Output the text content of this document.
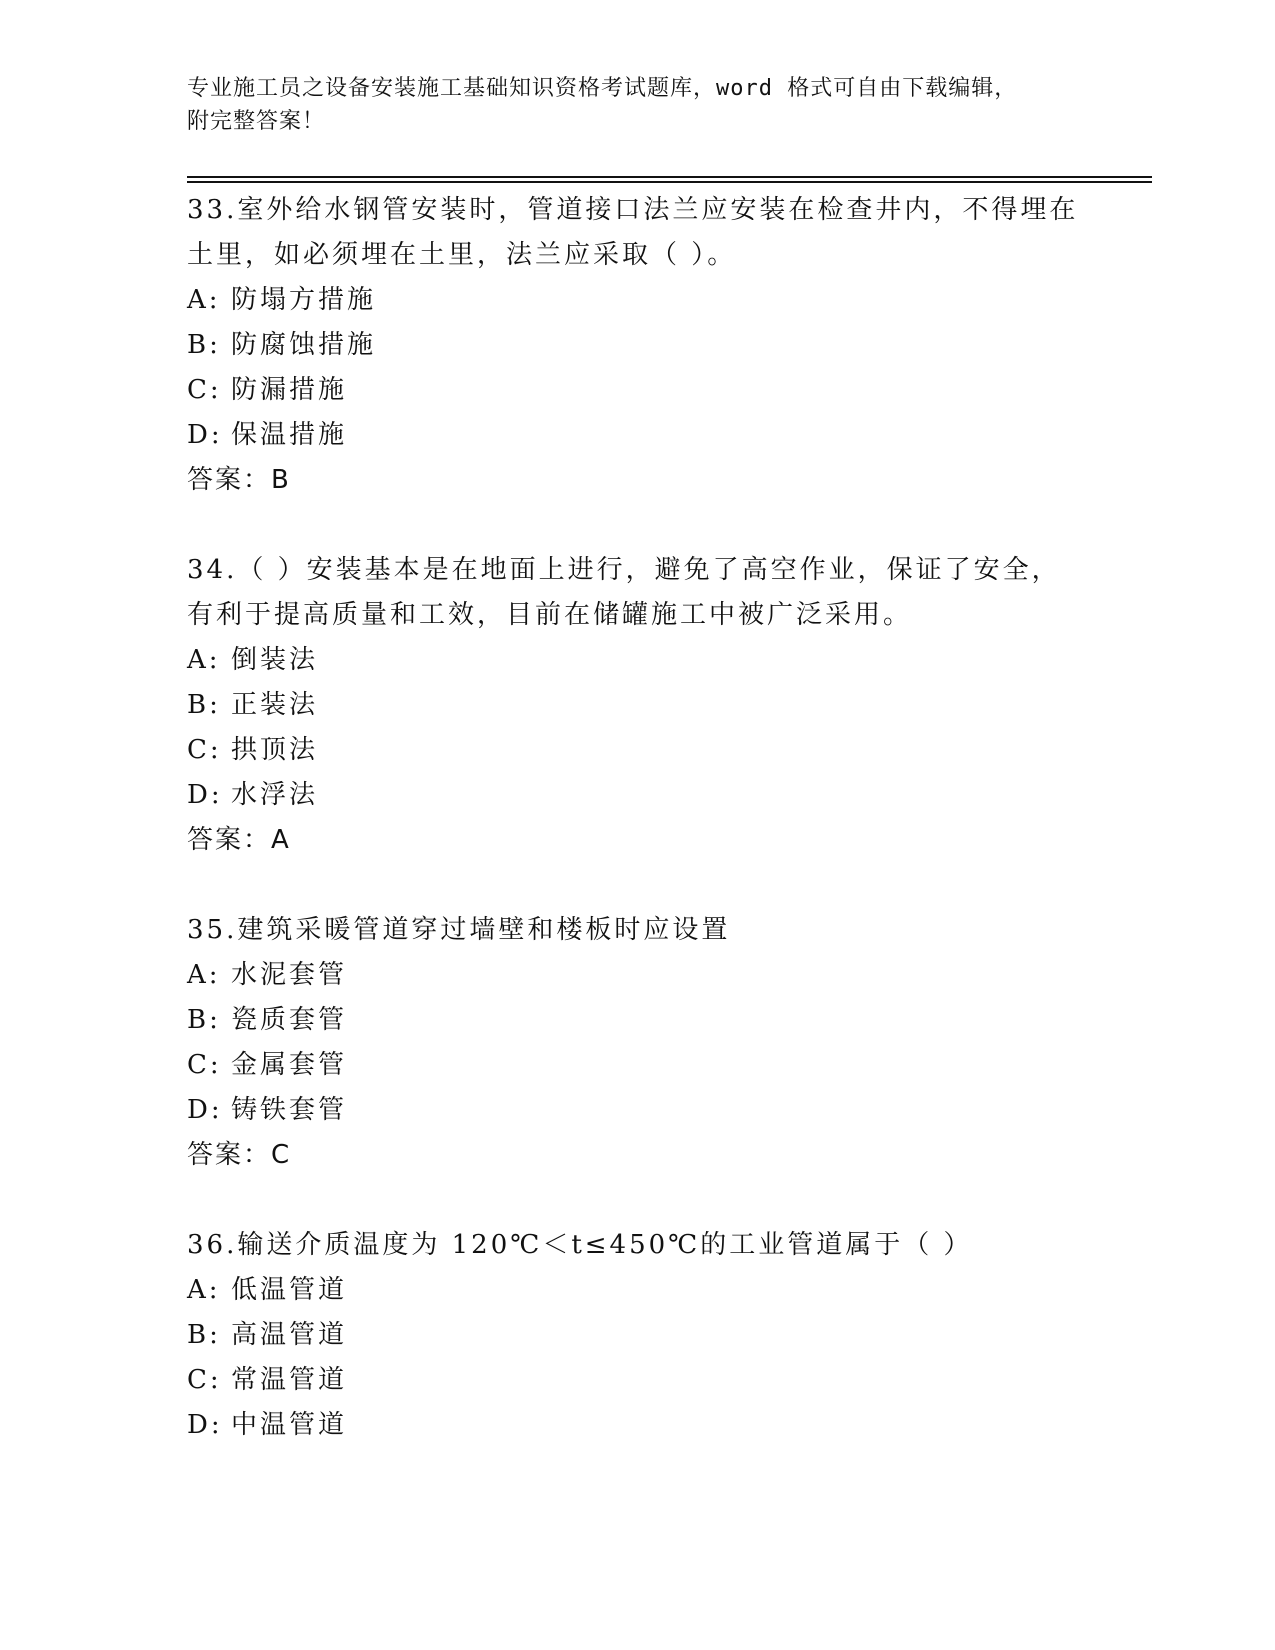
专业施工员之设备安装施工基础知识资格考试题库，word 格式可自由下载编辑，
附完整答案！
33.室外给水钢管安装时，管道接口法兰应安装在检查井内，不得埋在
土里，如必须埋在土里，法兰应采取（ ）。
A: 防塌方措施
B: 防腐蚀措施
C: 防漏措施
D: 保温措施
答案：B
34.（ ）安装基本是在地面上进行，避免了高空作业，保证了安全，
有利于提高质量和工效，目前在储罐施工中被广泛采用。
A: 倒装法
B: 正装法
C: 拱顶法
D: 水浮法
答案：A
35.建筑采暖管道穿过墙壁和楼板时应设置
A: 水泥套管
B: 瓷质套管
C: 金属套管
D: 铸铁套管
答案：C
36.输送介质温度为 120℃＜t≤450℃的工业管道属于（ ）
A: 低温管道
B: 高温管道
C: 常温管道
D: 中温管道
